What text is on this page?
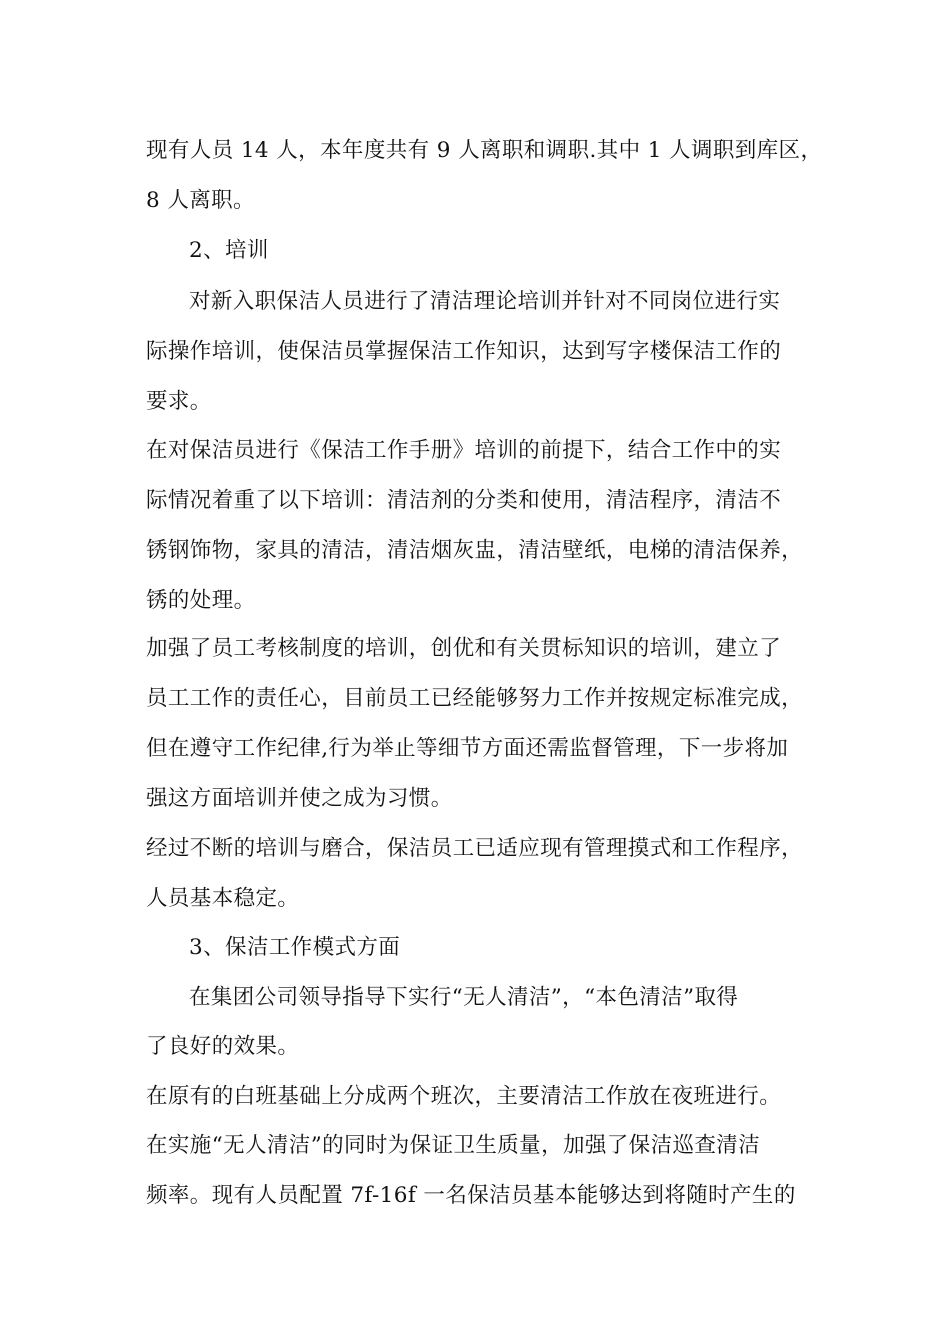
现有人员 14 人，本年度共有 9 人离职和调职.其中 1 人调职到库区，
8 人离职。
2、培训
对新入职保洁人员进行了清洁理论培训并针对不同岗位进行实
际操作培训，使保洁员掌握保洁工作知识，达到写字楼保洁工作的
要求。
在对保洁员进行《保洁工作手册》培训的前提下，结合工作中的实
际情况着重了以下培训：清洁剂的分类和使用，清洁程序，清洁不
锈钢饰物，家具的清洁，清洁烟灰盅，清洁壁纸，电梯的清洁保养，
锈的处理。
加强了员工考核制度的培训，创优和有关贯标知识的培训，建立了
员工工作的责任心，目前员工已经能够努力工作并按规定标准完成，
但在遵守工作纪律,行为举止等细节方面还需监督管理，下一步将加
强这方面培训并使之成为习惯。
经过不断的培训与磨合，保洁员工已适应现有管理摸式和工作程序，
人员基本稳定。
3、保洁工作模式方面
在集团公司领导指导下实行“无人清洁”，“本色清洁”取得
了良好的效果。
在原有的白班基础上分成两个班次，主要清洁工作放在夜班进行。
在实施“无人清洁”的同时为保证卫生质量，加强了保洁巡查清洁
频率。现有人员配置 7f-16f 一名保洁员基本能够达到将随时产生的
